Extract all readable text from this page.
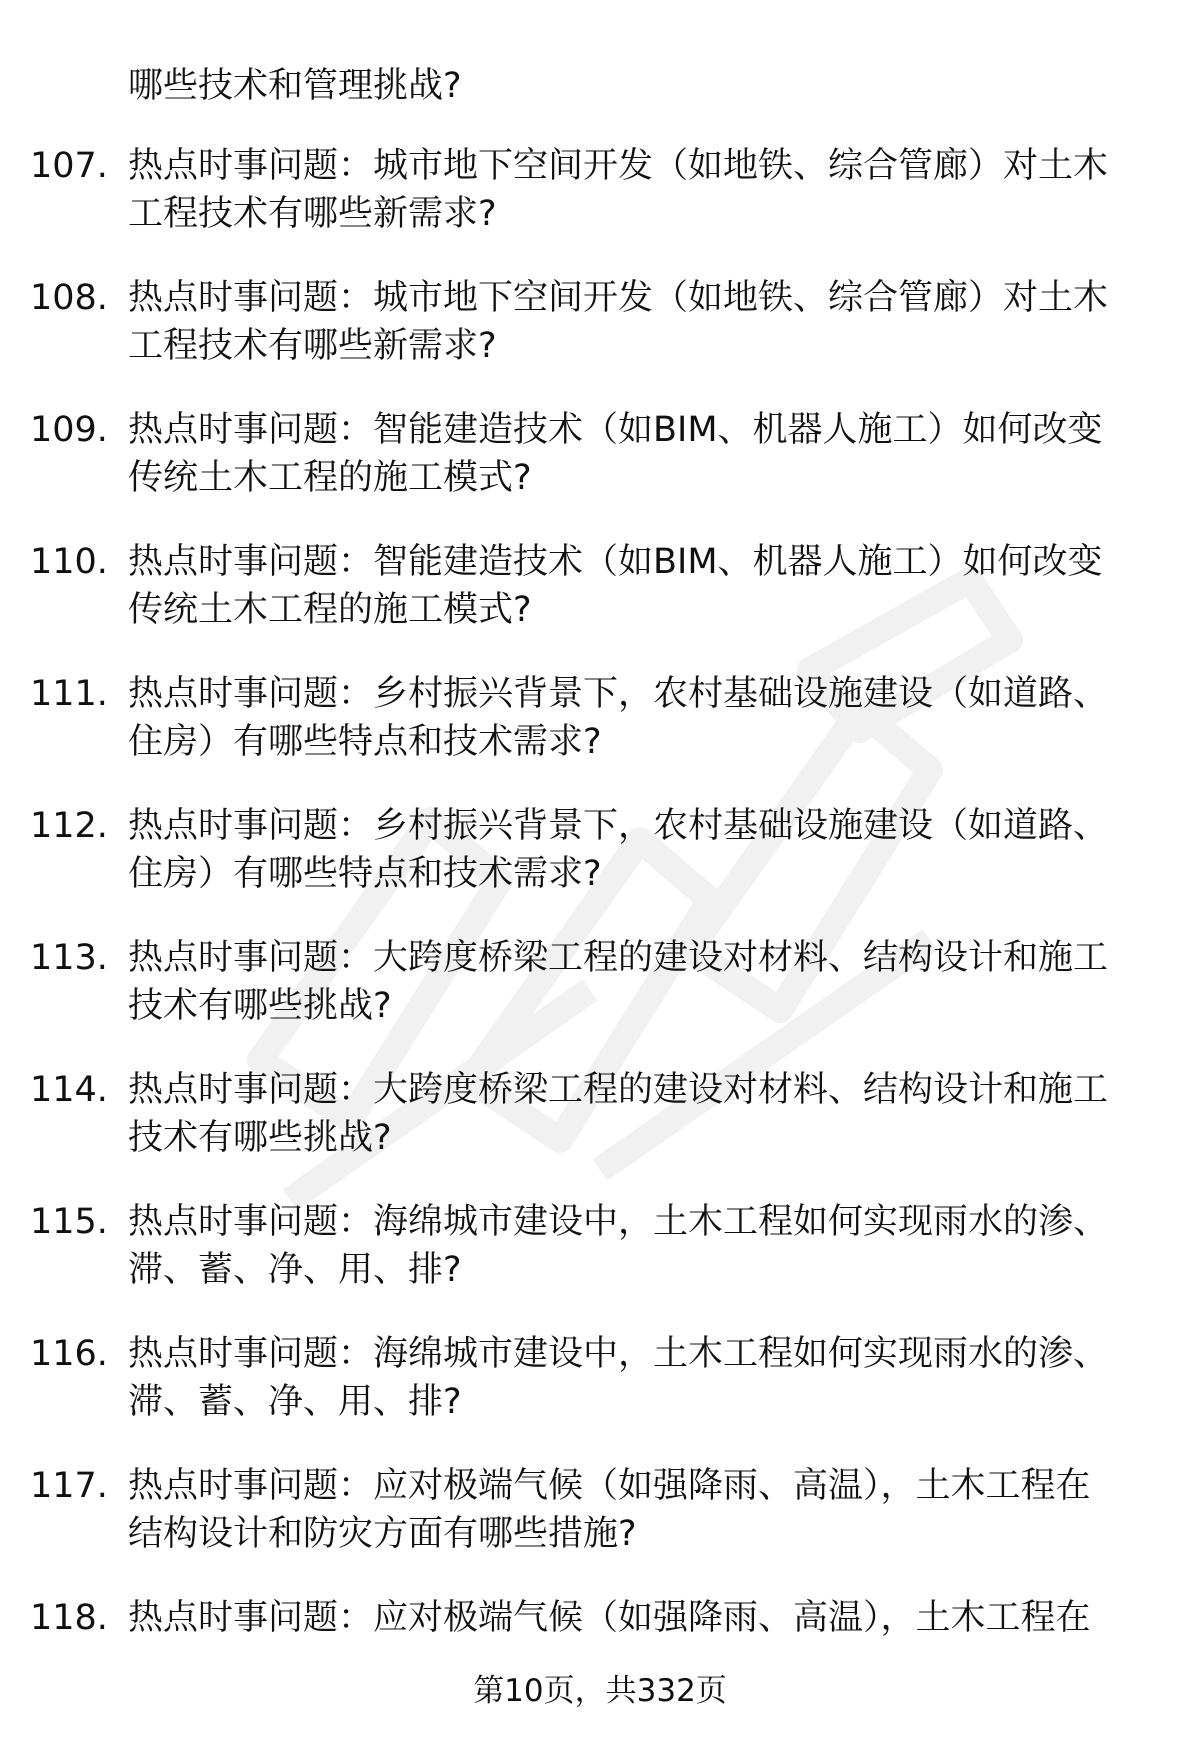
哪些技术和管理挑战?
107. 热点时事问题：城市地下空间开发（如地铁、综合管廊）对土木
工程技术有哪些新需求?
108. 热点时事问题：城市地下空间开发（如地铁、综合管廊）对土木
工程技术有哪些新需求?
109. 热点时事问题：智能建造技术（如BIM、机器人施工）如何改变
传统土木工程的施工模式?
110. 热点时事问题：智能建造技术（如BIM、机器人施工）如何改变
传统土木工程的施工模式?
111. 热点时事问题：乡村振兴背景下，农村基础设施建设（如道路、
住房）有哪些特点和技术需求?
112. 热点时事问题：乡村振兴背景下，农村基础设施建设（如道路、
住房）有哪些特点和技术需求?
113. 热点时事问题：大跨度桥梁工程的建设对材料、结构设计和施工
技术有哪些挑战?
114. 热点时事问题：大跨度桥梁工程的建设对材料、结构设计和施工
技术有哪些挑战?
115. 热点时事问题：海绵城市建设中，土木工程如何实现雨水的渗、
滞、蓄、净、用、排?
116. 热点时事问题：海绵城市建设中，土木工程如何实现雨水的渗、
滞、蓄、净、用、排?
117. 热点时事问题：应对极端气候（如强降雨、高温），土木工程在
结构设计和防灾方面有哪些措施?
118. 热点时事问题：应对极端气候（如强降雨、高温），土木工程在
第10页，共332页
